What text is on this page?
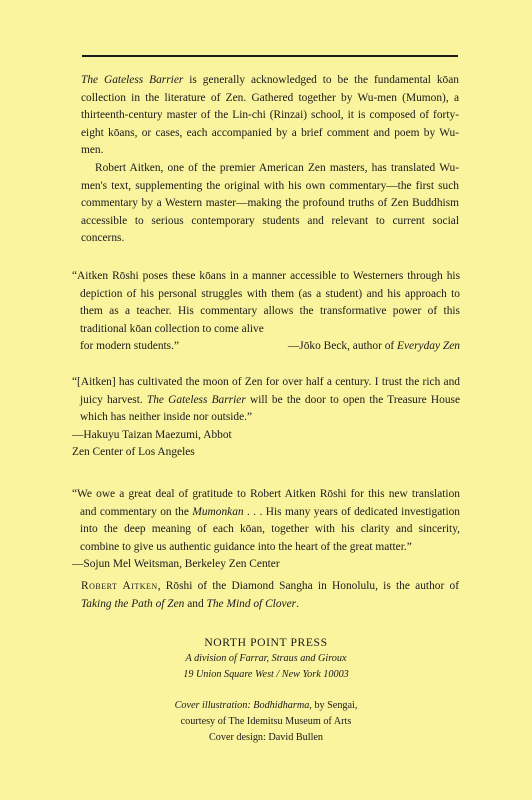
The Gateless Barrier is generally acknowledged to be the fundamental kōan collection in the literature of Zen. Gathered together by Wu-men (Mumon), a thirteenth-century master of the Lin-chi (Rinzai) school, it is composed of forty-eight kōans, or cases, each accompanied by a brief comment and poem by Wu-men.

Robert Aitken, one of the premier American Zen masters, has translated Wu-men's text, supplementing the original with his own commentary—the first such commentary by a Western master—making the profound truths of Zen Buddhism accessible to serious contemporary students and relevant to current social concerns.

“Aitken Rōshi poses these kōans in a manner accessible to Westerners through his depiction of his personal struggles with them (as a student) and his approach to them as a teacher. His commentary allows the transformative power of this traditional kōan collection to come alive

for modern students.”	—Jōko Beck, author of Everyday Zen

“[Aitken] has cultivated the moon of Zen for over half a century. I trust the rich and juicy harvest. The Gateless Barrier will be the door to open the Treasure House which has neither inside nor outside.”

—Hakuyu Taizan Maezumi, Abbot

Zen Center of Los Angeles

“We owe a great deal of gratitude to Robert Aitken Rōshi for this new translation and commentary on the Mumonkan . . . His many years of dedicated investigation into the deep meaning of each kōan, together with his clarity and sincerity, combine to give us authentic guidance into the heart of the great matter.”

—Sojun Mel Weitsman, Berkeley Zen Center

Robert Aitken, Rōshi of the Diamond Sangha in Honolulu, is the author of Taking the Path of Zen and The Mind of Clover.

NORTH POINT PRESS

A division of Farrar, Straus and Giroux

19 Union Square West / New York 10003

Cover illustration: Bodhidharma, by Sengai,

courtesy of The Idemitsu Museum of Arts

Cover design: David Bullen
